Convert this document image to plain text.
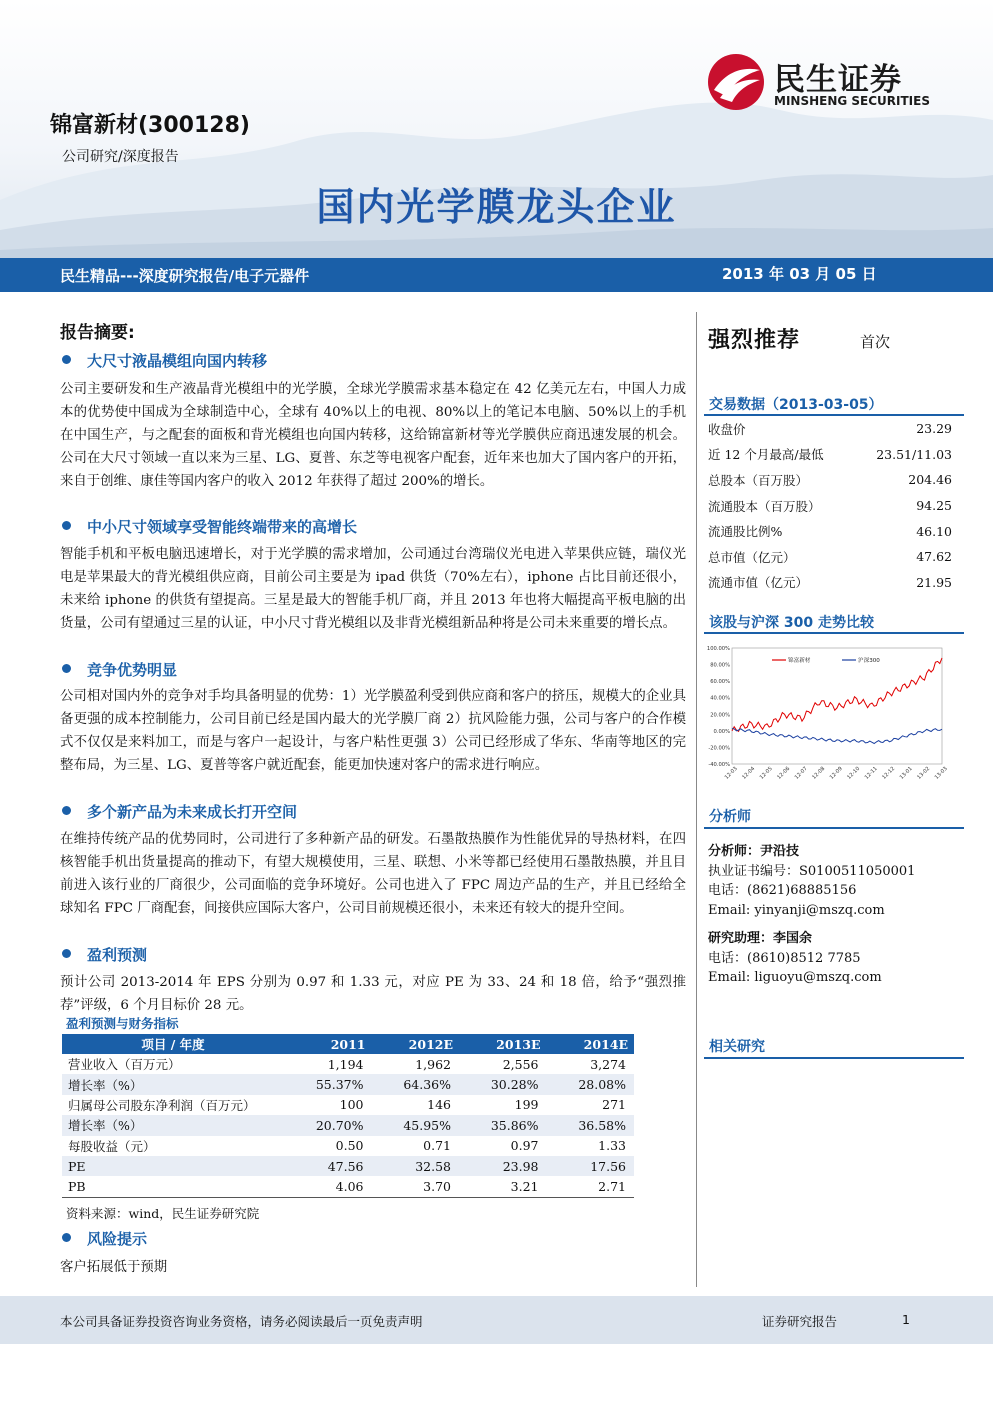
民生证券
MINSHENG SECURITIES
锦富新材(300128)
公司研究/深度报告
国内光学膜龙头企业
民生精品---深度研究报告/电子元器件	2013 年 03 月 05 日
报告摘要:
大尺寸液晶模组向国内转移
公司主要研发和生产液晶背光模组中的光学膜，全球光学膜需求基本稳定在 42 亿美元左右，中国人力成本的优势使中国成为全球制造中心，全球有 40%以上的电视、80%以上的笔记本电脑、50%以上的手机在中国生产，与之配套的面板和背光模组也向国内转移，这给锦富新材等光学膜供应商迅速发展的机会。公司在大尺寸领域一直以来为三星、LG、夏普、东芝等电视客户配套，近年来也加大了国内客户的开拓，来自于创维、康佳等国内客户的收入 2012 年获得了超过 200%的增长。
中小尺寸领域享受智能终端带来的高增长
智能手机和平板电脑迅速增长，对于光学膜的需求增加，公司通过台湾瑞仪光电进入苹果供应链，瑞仪光电是苹果最大的背光模组供应商，目前公司主要是为 ipad 供货（70%左右），iphone 占比目前还很小，未来给 iphone 的供货有望提高。三星是最大的智能手机厂商，并且 2013 年也将大幅提高平板电脑的出货量，公司有望通过三星的认证，中小尺寸背光模组以及非背光模组新品种将是公司未来重要的增长点。
竞争优势明显
公司相对国内外的竞争对手均具备明显的优势：1）光学膜盈利受到供应商和客户的挤压，规模大的企业具备更强的成本控制能力，公司目前已经是国内最大的光学膜厂商 2）抗风险能力强，公司与客户的合作模式不仅仅是来料加工，而是与客户一起设计，与客户粘性更强 3）公司已经形成了华东、华南等地区的完整布局，为三星、LG、夏普等客户就近配套，能更加快速对客户的需求进行响应。
多个新产品为未来成长打开空间
在维持传统产品的优势同时，公司进行了多种新产品的研发。石墨散热膜作为性能优异的导热材料，在四核智能手机出货量提高的推动下，有望大规模使用，三星、联想、小米等都已经使用石墨散热膜，并且目前进入该行业的厂商很少，公司面临的竞争环境好。公司也进入了 FPC 周边产品的生产，并且已经给全球知名 FPC 厂商配套，间接供应国际大客户，公司目前规模还很小，未来还有较大的提升空间。
盈利预测
预计公司 2013-2014 年 EPS 分别为 0.97 和 1.33 元，对应 PE 为 33、24 和 18 倍，给予“强烈推荐”评级，6 个月目标价 28 元。
盈利预测与财务指标
项目 / 年度	2011	2012E	2013E	2014E
营业收入（百万元）	1,194	1,962	2,556	3,274
增长率（%）	55.37%	64.36%	30.28%	28.08%
归属母公司股东净利润（百万元）	100	146	199	271
增长率（%）	20.70%	45.95%	35.86%	36.58%
每股收益（元）	0.50	0.71	0.97	1.33
PE	47.56	32.58	23.98	17.56
PB	4.06	3.70	3.21	2.71
资料来源：wind，民生证券研究院
风险提示
客户拓展低于预期
强烈推荐	首次
交易数据（2013-03-05）
收盘价	23.29
近 12 个月最高/最低	23.51/11.03
总股本（百万股）	204.46
流通股本（百万股）	94.25
流通股比例%	46.10
总市值（亿元）	47.62
流通市值（亿元）	21.95
该股与沪深 300 走势比较
100.00%
80.00%
60.00%
40.00%
20.00%
0.00%
-20.00%
-40.00%
12-03 12-04 12-05 12-06 12-07 12-08 12-09 12-10 12-11 12-12 13-01 13-02 13-03
锦富新材	沪深300
分析师
分析师：尹沿技
执业证书编号：S0100511050001
电话：(8621)68885156
Email: yinyanji@mszq.com
研究助理：李国余
电话：(8610)8512 7785
Email: liguoyu@mszq.com
相关研究
本公司具备证券投资咨询业务资格，请务必阅读最后一页免责声明	证券研究报告	1
